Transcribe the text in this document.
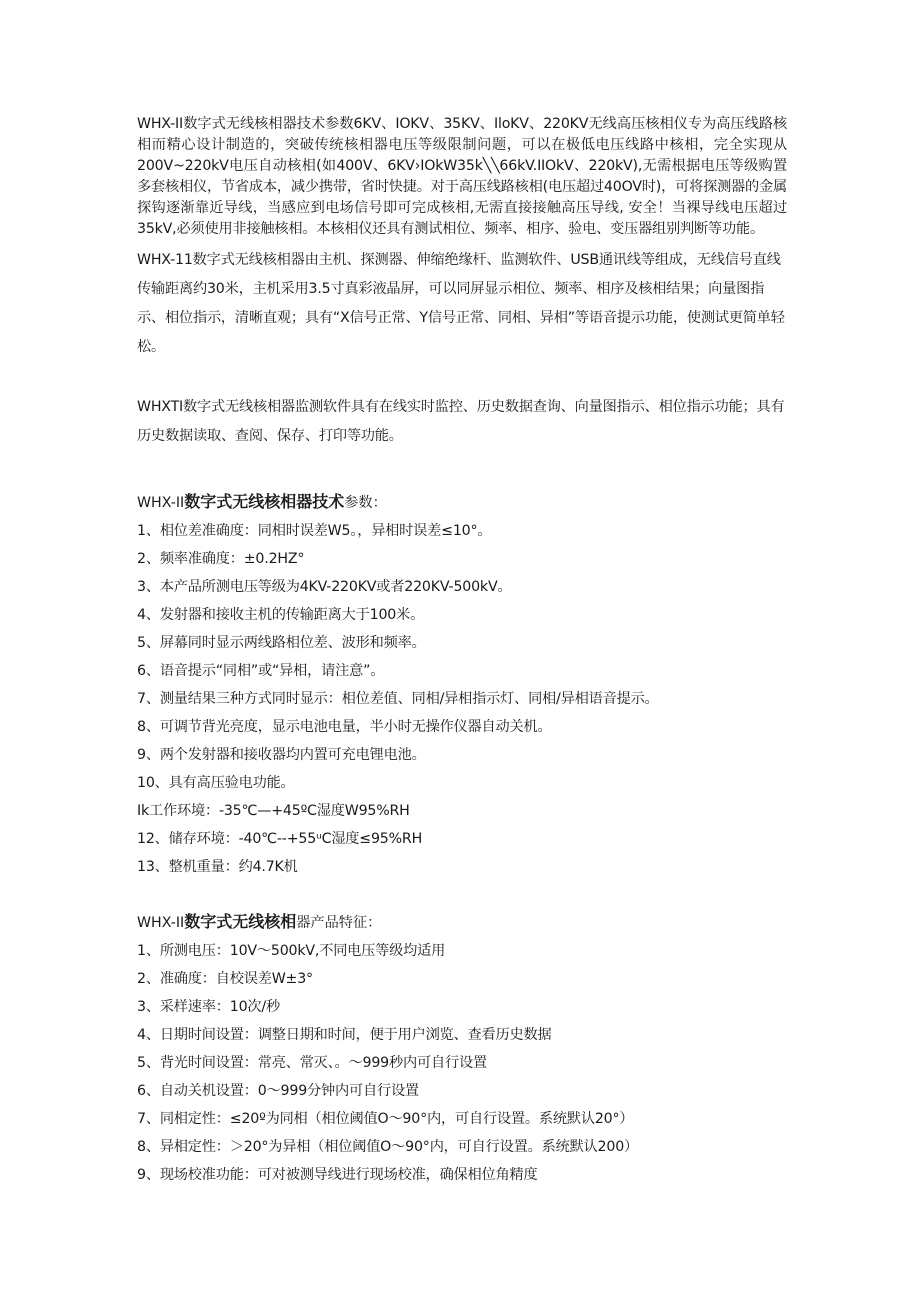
WHX-II数字式无线核相器技术参数6KV、IOKV、35KV、IloKV、220KV无线高压核相仪专为高压线路核相而精心设计制造的，突破传统核相器电压等级限制问题，可以在极低电压线路中核相，完全实现从200V~220kV电压自动核相(如400V、6KV›IOkW35k╲╲66kV.IIOkV、220kV),无需根据电压等级购置多套核相仪，节省成本，减少携带，省时快捷。对于高压线路核相(电压超过40OV时)，可将探测器的金属探钩逐渐靠近导线，当感应到电场信号即可完成核相,无需直接接触高压导线, 安全！当裸导线电压超过35kV,必须使用非接触核相。本核相仪还具有测试相位、频率、相序、验电、变压器组别判断等功能。

WHX-11数字式无线核相器由主机、探测器、伸缩绝缘杆、监测软件、USB通讯线等组成，无线信号直线传输距离约30米，主机采用3.5寸真彩液晶屏，可以同屏显示相位、频率、相序及核相结果；向量图指示、相位指示，清晰直观；具有“X信号正常、Y信号正常、同相、异相”等语音提示功能，使测试更简单轻松。

WHXTI数字式无线核相器监测软件具有在线实时监控、历史数据查询、向量图指示、相位指示功能；具有历史数据读取、查阅、保存、打印等功能。

WHX-II数字式无线核相器技术参数：

1、相位差准确度：同相时误差W5。，异相时误差≤10°。
2、频率准确度：±0.2HZ°
3、本产品所测电压等级为4KV-220KV或者220KV-500kV。
4、发射器和接收主机的传输距离大于100米。
5、屏幕同时显示两线路相位差、波形和频率。
6、语音提示“同相”或“异相，请注意”。
7、测量结果三种方式同时显示：相位差值、同相/异相指示灯、同相/异相语音提示。
8、可调节背光亮度，显示电池电量，半小时无操作仪器自动关机。
9、两个发射器和接收器均内置可充电锂电池。
10、具有高压验电功能。
Ik工作环境：-35℃—+45ºC湿度W95%RH
12、储存环境：-40℃--+55ᵘC湿度≤95%RH
13、整机重量：约4.7K机

WHX-II数字式无线核相器产品特征：

1、所测电压：10V～500kV,不同电压等级均适用
2、准确度：自校误差W±3°
3、采样速率：10次/秒
4、日期时间设置：调整日期和时间，便于用户浏览、查看历史数据
5、背光时间设置：常亮、常灭、。～999秒内可自行设置
6、自动关机设置：0～999分钟内可自行设置
7、同相定性：≤20º为同相（相位阈值O～90°内，可自行设置。系统默认20°）
8、异相定性：＞20°为异相（相位阈值O～90°内，可自行设置。系统默认200）
9、现场校准功能：可对被测导线进行现场校准，确保相位角精度
